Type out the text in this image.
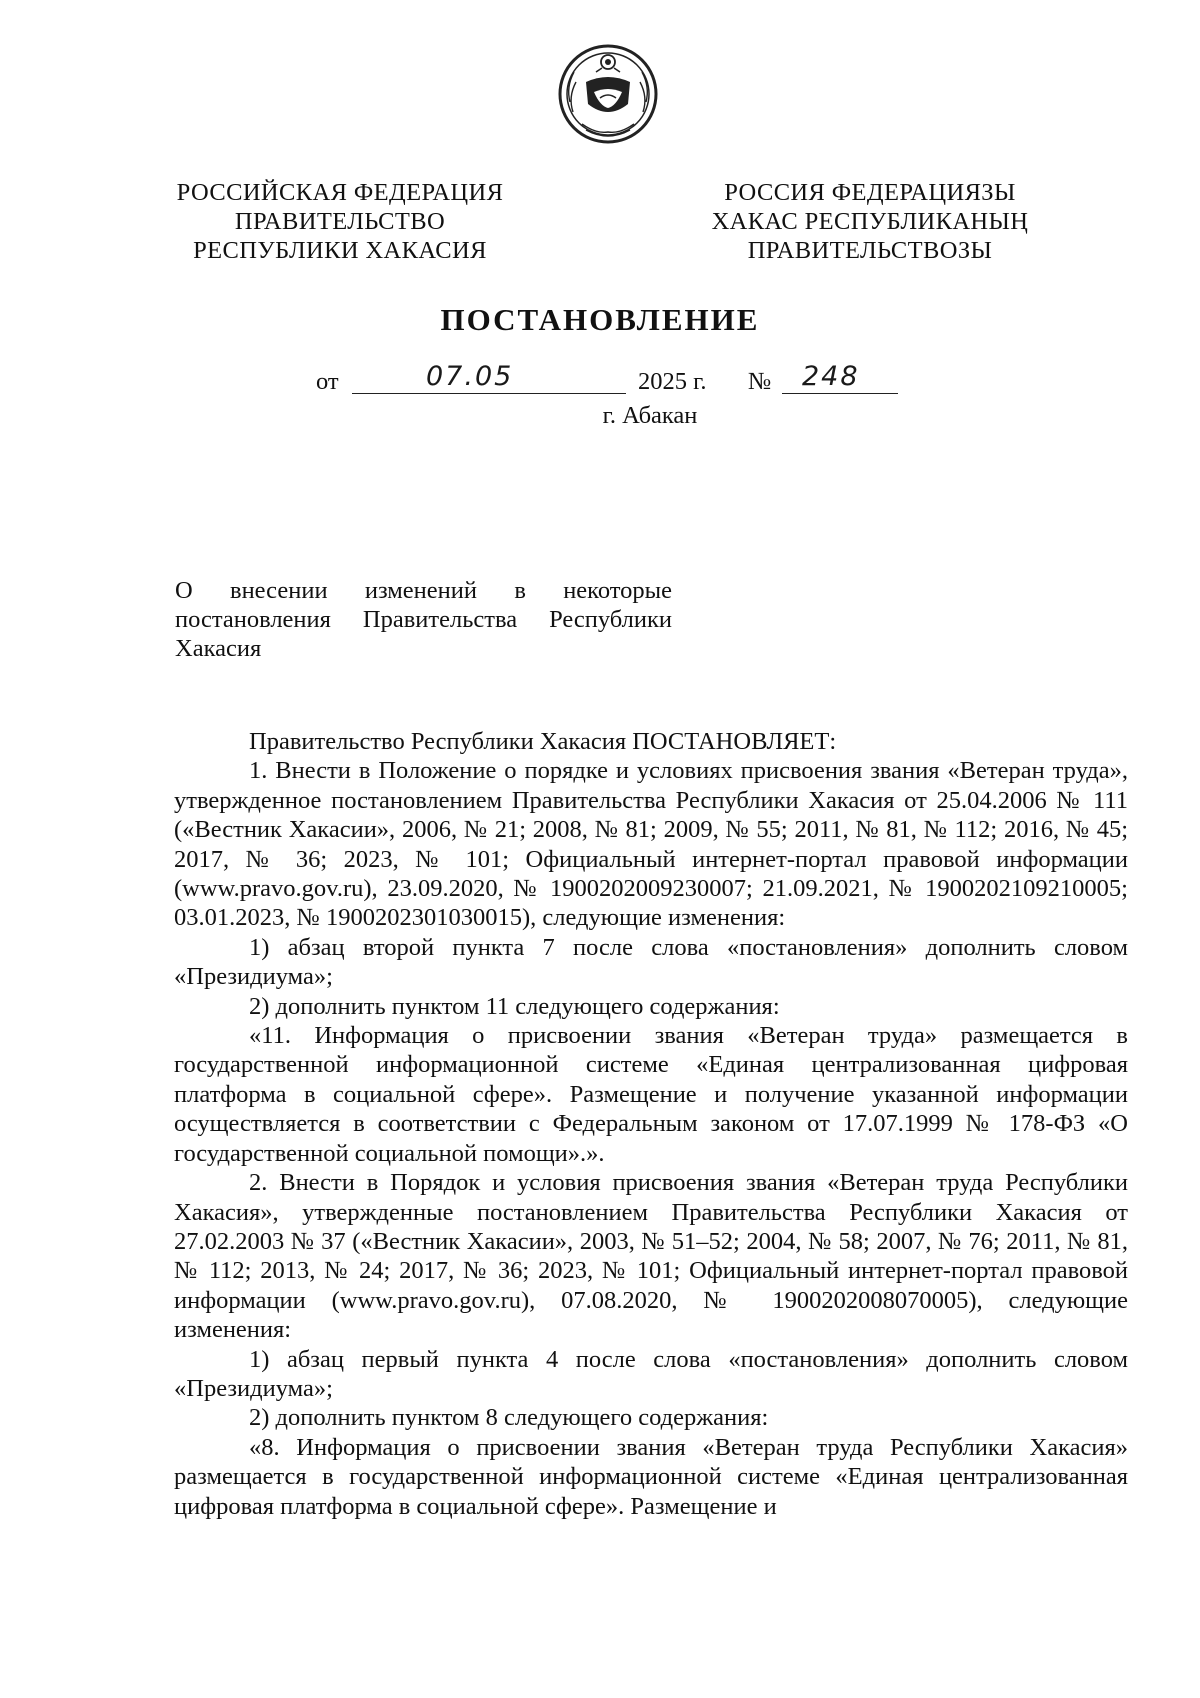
РОССИЙСКАЯ ФЕДЕРАЦИЯ
ПРАВИТЕЛЬСТВО
РЕСПУБЛИКИ ХАКАСИЯ
РОССИЯ ФЕДЕРАЦИЯЗЫ
ХАКАС РЕСПУБЛИКАНЫҢ
ПРАВИТЕЛЬСТВОЗЫ
ПОСТАНОВЛЕНИЕ
от	07.05	2025 г. № 248
г. Абакан
О внесении изменений в некоторые
постановления Правительства Республики
Хакасия

Правительство Республики Хакасия ПОСТАНОВЛЯЕТ:

1. Внести в Положение о порядке и условиях присвоения звания «Ветеран труда», утвержденное постановлением Правительства Республики Хакасия от 25.04.2006 № 111 («Вестник Хакасии», 2006, № 21; 2008, № 81; 2009, № 55; 2011, № 81, № 112; 2016, № 45; 2017, № 36; 2023, № 101; Официальный интернет-портал правовой информации (www.pravo.gov.ru), 23.09.2020, № 1900202009230007; 21.09.2021, № 1900202109210005; 03.01.2023, № 1900202301030015), следующие изменения:

1) абзац второй пункта 7 после слова «постановления» дополнить словом «Президиума»;

2) дополнить пунктом 11 следующего содержания:

«11. Информация о присвоении звания «Ветеран труда» размещается в государственной информационной системе «Единая централизованная цифровая платформа в социальной сфере». Размещение и получение указанной информации осуществляется в соответствии с Федеральным законом от 17.07.1999 № 178-ФЗ «О государственной социальной помощи».».

2. Внести в Порядок и условия присвоения звания «Ветеран труда Республики Хакасия», утвержденные постановлением Правительства Республики Хакасия от 27.02.2003 № 37 («Вестник Хакасии», 2003, № 51–52; 2004, № 58; 2007, № 76; 2011, № 81, № 112; 2013, № 24; 2017, № 36; 2023, № 101; Официальный интернет-портал правовой информации (www.pravo.gov.ru), 07.08.2020, № 1900202008070005), следующие изменения:

1) абзац первый пункта 4 после слова «постановления» дополнить словом «Президиума»;

2) дополнить пунктом 8 следующего содержания:

«8. Информация о присвоении звания «Ветеран труда Республики Хакасия» размещается в государственной информационной системе «Единая централизованная цифровая платформа в социальной сфере». Размещение и
